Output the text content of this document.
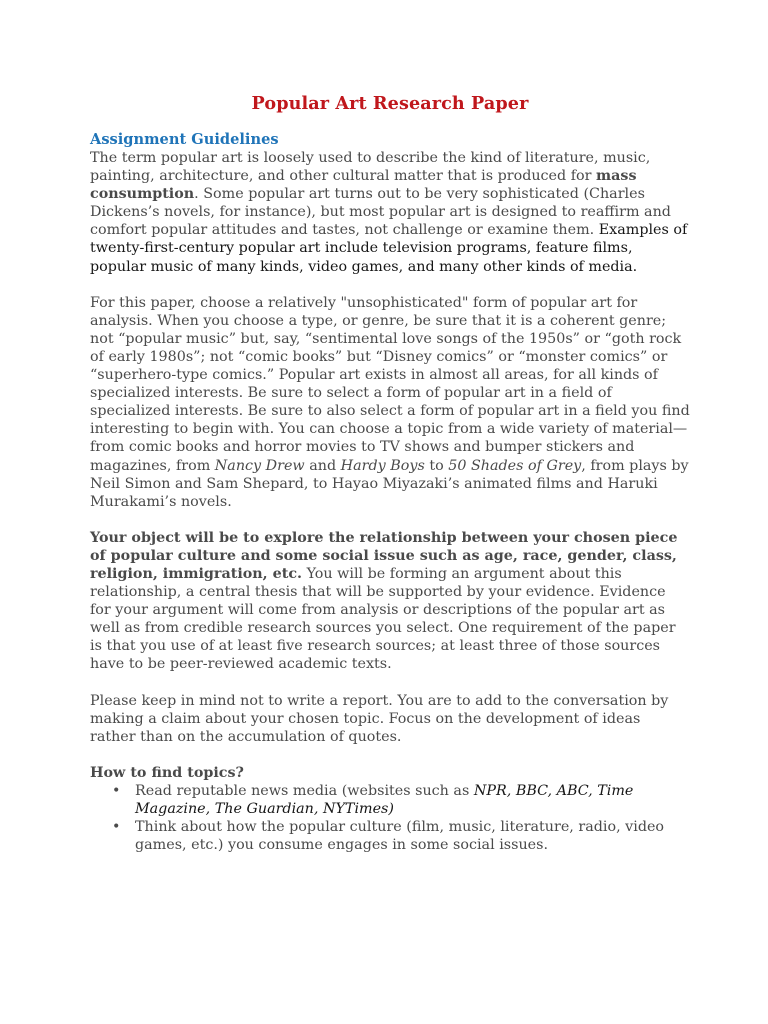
Popular Art Research Paper
Assignment Guidelines

The term popular art is loosely used to describe the kind of literature, music, painting, architecture, and other cultural matter that is produced for mass consumption. Some popular art turns out to be very sophisticated (Charles Dickens’s novels, for instance), but most popular art is designed to reaffirm and comfort popular attitudes and tastes, not challenge or examine them. Examples of twenty-first-century popular art include television programs, feature films, popular music of many kinds, video games, and many other kinds of media.

For this paper, choose a relatively "unsophisticated" form of popular art for analysis. When you choose a type, or genre, be sure that it is a coherent genre; not “popular music” but, say, “sentimental love songs of the 1950s” or “goth rock of early 1980s”; not “comic books” but “Disney comics” or “monster comics” or “superhero-type comics.” Popular art exists in almost all areas, for all kinds of specialized interests. Be sure to select a form of popular art in a field of specialized interests. Be sure to also select a form of popular art in a field you find interesting to begin with. You can choose a topic from a wide variety of material—from comic books and horror movies to TV shows and bumper stickers and magazines, from Nancy Drew and Hardy Boys to 50 Shades of Grey, from plays by Neil Simon and Sam Shepard, to Hayao Miyazaki’s animated films and Haruki Murakami’s novels.

Your object will be to explore the relationship between your chosen piece of popular culture and some social issue such as age, race, gender, class, religion, immigration, etc. You will be forming an argument about this relationship, a central thesis that will be supported by your evidence. Evidence for your argument will come from analysis or descriptions of the popular art as well as from credible research sources you select. One requirement of the paper is that you use of at least five research sources; at least three of those sources have to be peer-reviewed academic texts.

Please keep in mind not to write a report. You are to add to the conversation by making a claim about your chosen topic. Focus on the development of ideas rather than on the accumulation of quotes.

How to find topics?
• Read reputable news media (websites such as NPR, BBC, ABC, Time Magazine, The Guardian, NYTimes)
• Think about how the popular culture (film, music, literature, radio, video games, etc.) you consume engages in some social issues.
